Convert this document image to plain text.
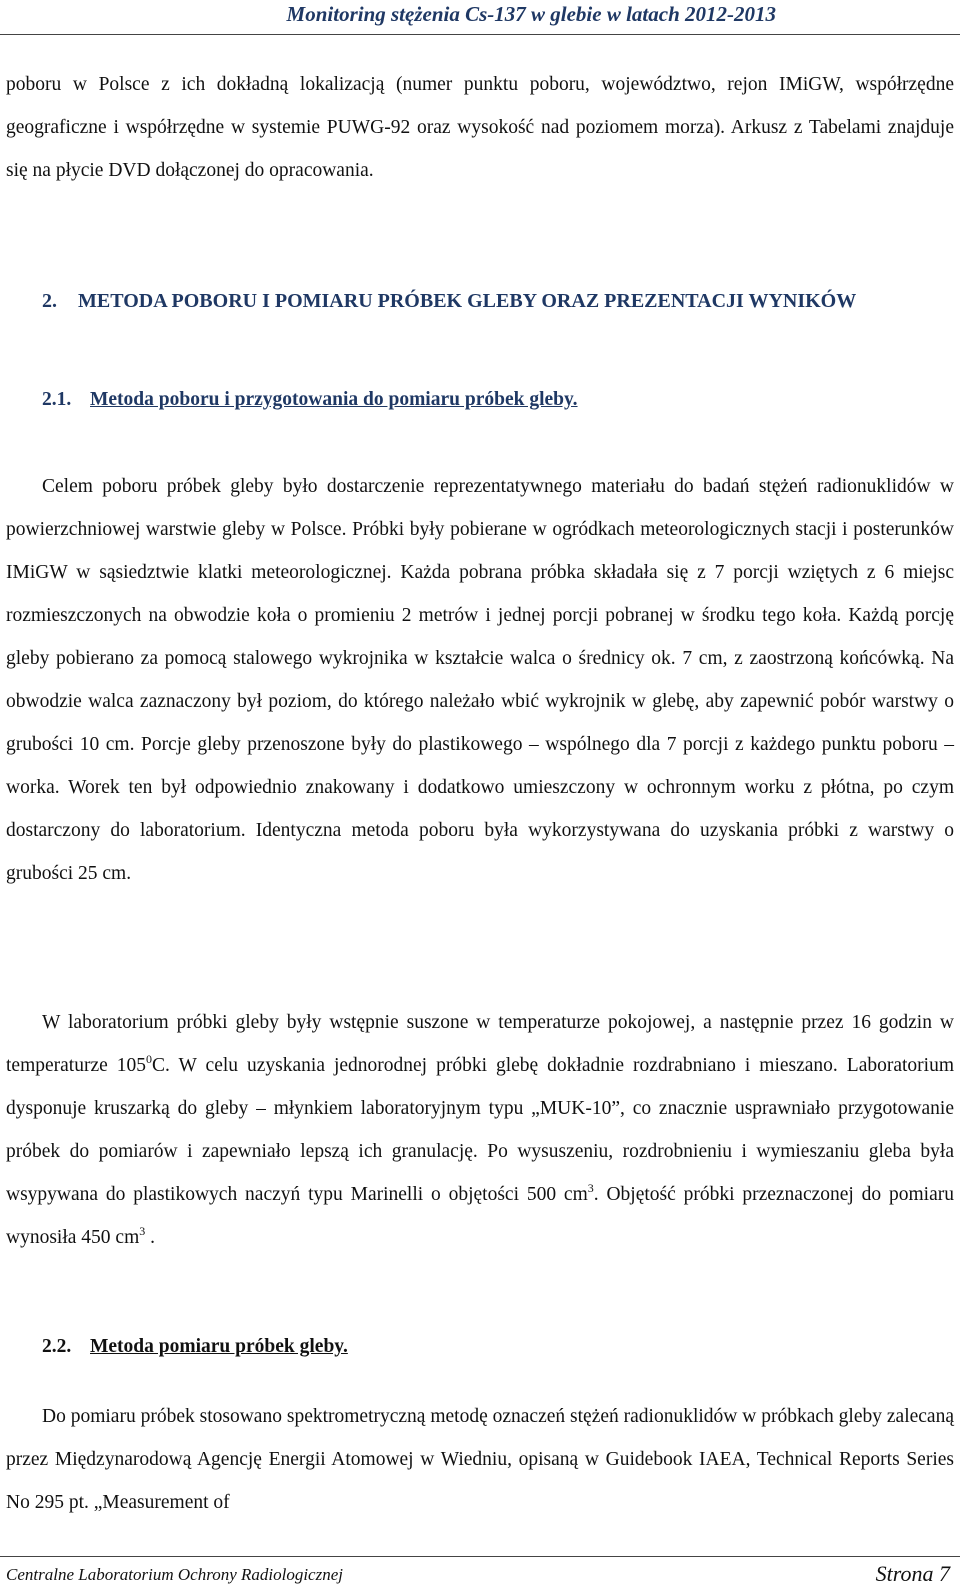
Monitoring stężenia Cs-137 w glebie w latach 2012-2013

poboru w Polsce z ich dokładną lokalizacją (numer punktu poboru, województwo, rejon IMiGW, współrzędne geograficzne i współrzędne w systemie PUWG-92 oraz wysokość nad poziomem morza). Arkusz z Tabelami znajduje się na płycie DVD dołączonej do opracowania.

2. METODA POBORU I POMIARU PRÓBEK GLEBY ORAZ PREZENTACJI WYNIKÓW
2.1. Metoda poboru i przygotowania do pomiaru próbek gleby.

Celem poboru próbek gleby było dostarczenie reprezentatywnego materiału do badań stężeń radionuklidów w powierzchniowej warstwie gleby w Polsce. Próbki były pobierane w ogródkach meteorologicznych stacji i posterunków IMiGW w sąsiedztwie klatki meteorologicznej. Każda pobrana próbka składała się z 7 porcji wziętych z 6 miejsc rozmieszczonych na obwodzie koła o promieniu 2 metrów i jednej porcji pobranej w środku tego koła. Każdą porcję gleby pobierano za pomocą stalowego wykrojnika w kształcie walca o średnicy ok. 7 cm, z zaostrzoną końcówką. Na obwodzie walca zaznaczony był poziom, do którego należało wbić wykrojnik w glebę, aby zapewnić pobór warstwy o grubości 10 cm. Porcje gleby przenoszone były do plastikowego – wspólnego dla 7 porcji z każdego punktu poboru – worka. Worek ten był odpowiednio znakowany i dodatkowo umieszczony w ochronnym worku z płótna, po czym dostarczony do laboratorium. Identyczna metoda poboru była wykorzystywana do uzyskania próbki z warstwy o grubości 25 cm.

W laboratorium próbki gleby były wstępnie suszone w temperaturze pokojowej, a następnie przez 16 godzin w temperaturze $105^0C$. W celu uzyskania jednorodnej próbki glebę dokładnie rozdrabniano i mieszano. Laboratorium dysponuje kruszarką do gleby – młynkiem laboratoryjnym typu „MUK-10”, co znacznie usprawniało przygotowanie próbek do pomiarów i zapewniało lepszą ich granulację. Po wysuszeniu, rozdrobnieniu i wymieszaniu gleba była wsypywana do plastikowych naczyń typu Marinelli o objętości 500 $cm^3$. Objętość próbki przeznaczonej do pomiaru wynosiła 450 $cm^3$ .

2.2. Metoda pomiaru próbek gleby.

Do pomiaru próbek stosowano spektrometryczną metodę oznaczeń stężeń radionuklidów w próbkach gleby zalecaną przez Międzynarodową Agencję Energii Atomowej w Wiedniu, opisaną w Guidebook IAEA, Technical Reports Series No 295 pt. „Measurement of

Centralne Laboratorium Ochrony Radiologicznej	Strona 7
